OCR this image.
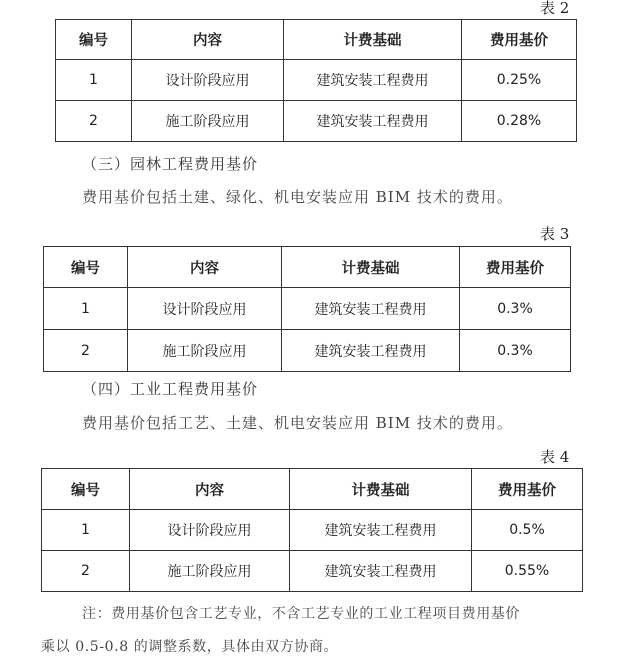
表 2
编号	内容	计费基础	费用基价
1	设计阶段应用	建筑安装工程费用	0.25%
2	施工阶段应用	建筑安装工程费用	0.28%
（三）园林工程费用基价
费用基价包括土建、绿化、机电安装应用 BIM 技术的费用。
表 3
编号	内容	计费基础	费用基价
1	设计阶段应用	建筑安装工程费用	0.3%
2	施工阶段应用	建筑安装工程费用	0.3%
（四）工业工程费用基价
费用基价包括工艺、土建、机电安装应用 BIM 技术的费用。
表 4
编号	内容	计费基础	费用基价
1	设计阶段应用	建筑安装工程费用	0.5%
2	施工阶段应用	建筑安装工程费用	0.55%
注：费用基价包含工艺专业，不含工艺专业的工业工程项目费用基价
乘以 0.5-0.8 的调整系数，具体由双方协商。
